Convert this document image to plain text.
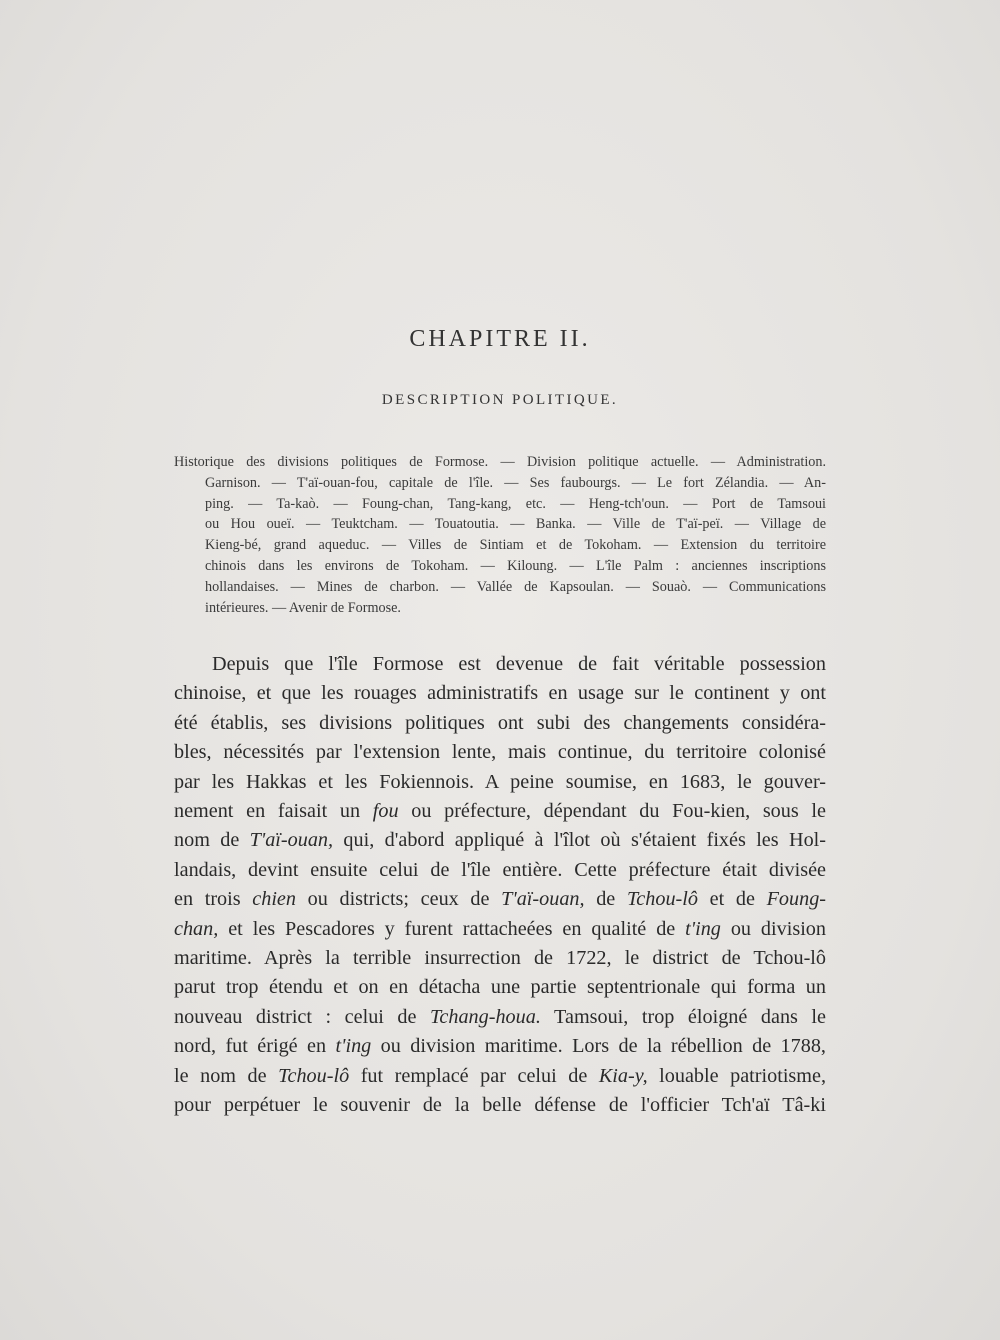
CHAPITRE II.
DESCRIPTION POLITIQUE.
Historique des divisions politiques de Formose. — Division politique actuelle. — Administration.
Garnison. — T'aï-ouan-fou, capitale de l'île. — Ses faubourgs. — Le fort Zélandia. — An-
ping. — Ta-kaò. — Foung-chan, Tang-kang, etc. — Heng-tch'oun. — Port de Tamsoui
ou Hou oueï. — Teuktcham. — Touatoutia. — Banka. — Ville de T'aï-peï. — Village de
Kieng-bé, grand aqueduc. — Villes de Sintiam et de Tokoham. — Extension du territoire
chinois dans les environs de Tokoham. — Kiloung. — L'île Palm : anciennes inscriptions
hollandaises. — Mines de charbon. — Vallée de Kapsoulan. — Souaò. — Communications
intérieures. — Avenir de Formose.
Depuis que l'île Formose est devenue de fait véritable possession
chinoise, et que les rouages administratifs en usage sur le continent y ont
été établis, ses divisions politiques ont subi des changements considéra-
bles, nécessités par l'extension lente, mais continue, du territoire colonisé
par les Hakkas et les Fokiennois. A peine soumise, en 1683, le gouver-
nement en faisait un fou ou préfecture, dépendant du Fou-kien, sous le
nom de T'aï-ouan, qui, d'abord appliqué à l'îlot où s'étaient fixés les Hol-
landais, devint ensuite celui de l'île entière. Cette préfecture était divisée
en trois chien ou districts; ceux de T'aï-ouan, de Tchou-lô et de Foung-
chan, et les Pescadores y furent rattacheées en qualité de t'ing ou division
maritime. Après la terrible insurrection de 1722, le district de Tchou-lô
parut trop étendu et on en détacha une partie septentrionale qui forma un
nouveau district : celui de Tchang-houa. Tamsoui, trop éloigné dans le
nord, fut érigé en t'ing ou division maritime. Lors de la rébellion de 1788,
le nom de Tchou-lô fut remplacé par celui de Kia-y, louable patriotisme,
pour perpétuer le souvenir de la belle défense de l'officier Tch'aï Tâ-ki
